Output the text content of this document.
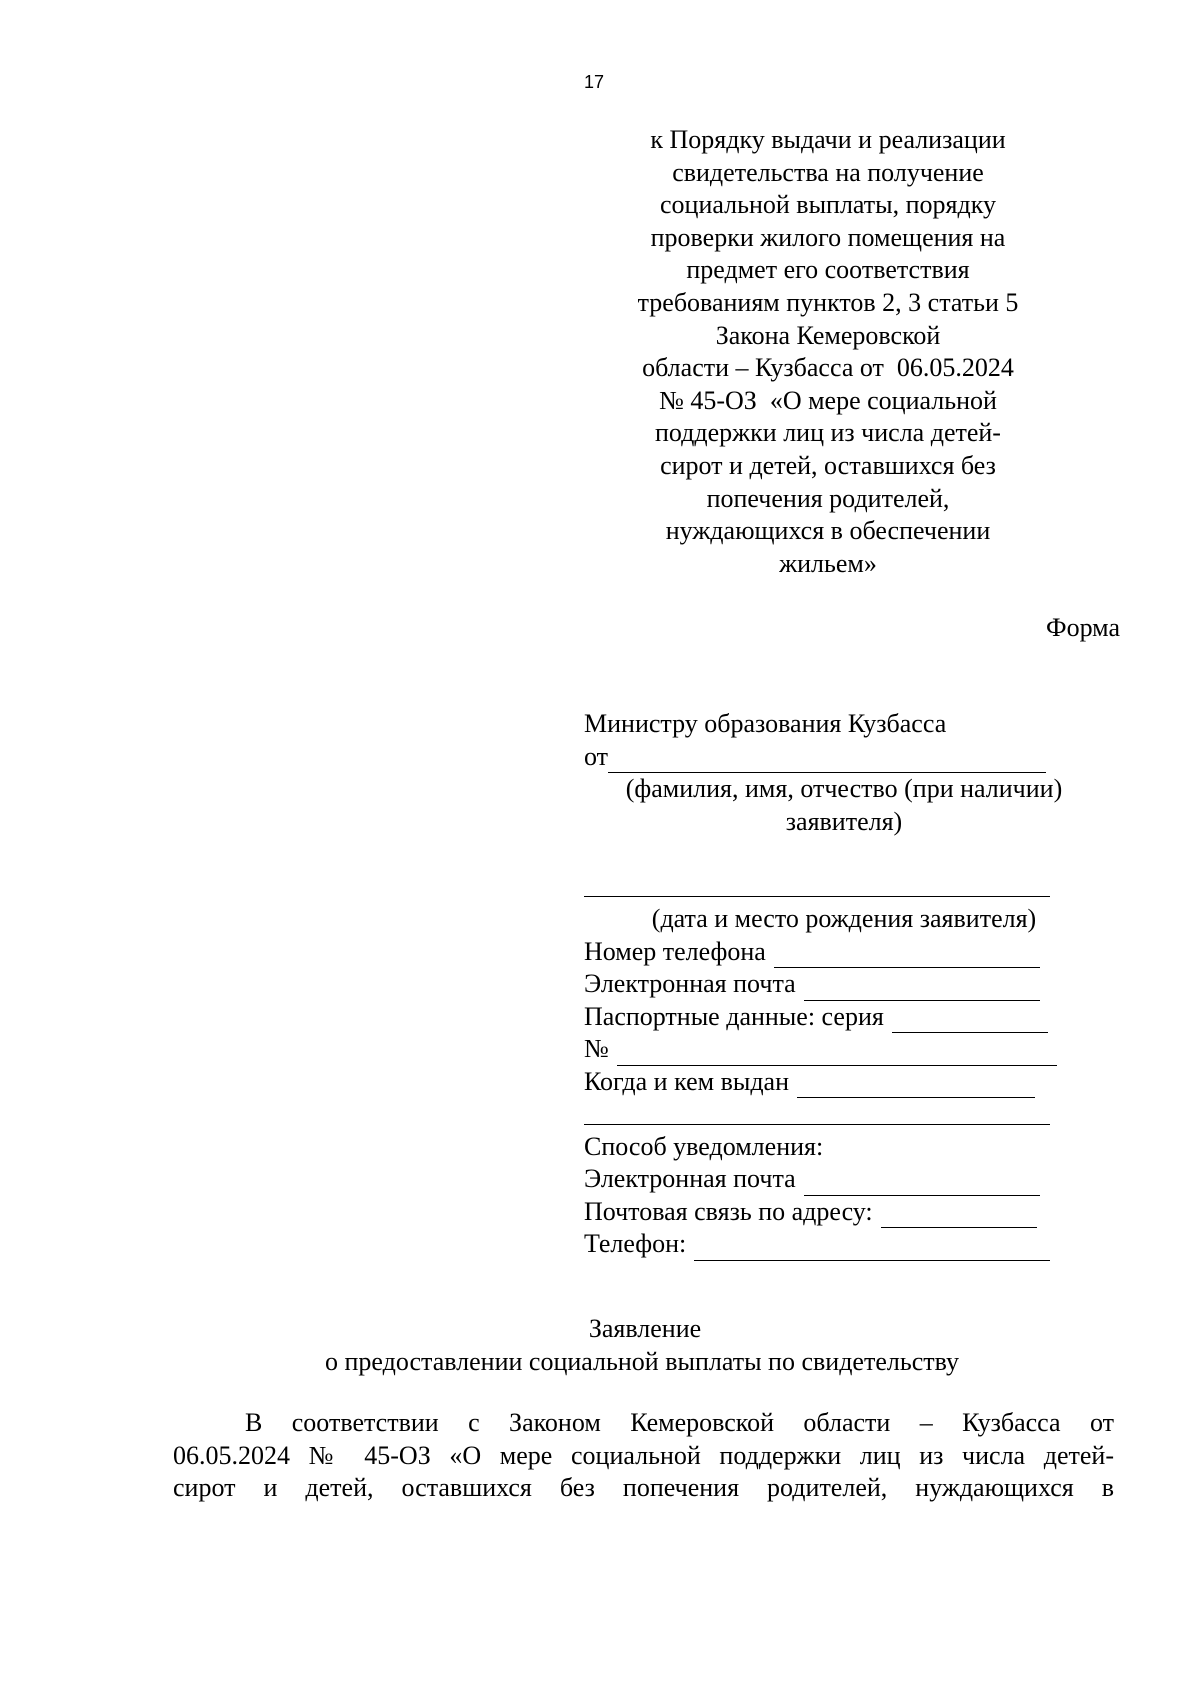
17
к Порядку выдачи и реализации
свидетельства на получение
социальной выплаты, порядку
проверки жилого помещения на
предмет его соответствия
требованиям пунктов 2, 3 статьи 5
Закона Кемеровской
области – Кузбасса от  06.05.2024
№ 45-ОЗ  «О мере социальной
поддержки лиц из числа детей-
сирот и детей, оставшихся без
попечения родителей,
нуждающихся в обеспечении
жильем»
Форма
Министру образования Кузбасса
от
(фамилия, имя, отчество (при наличии)
заявителя)
(дата и место рождения заявителя)
Номер телефона
Электронная почта
Паспортные данные: серия
№
Когда и кем выдан
Способ уведомления:
Электронная почта
Почтовая связь по адресу:
Телефон:
Заявление
о предоставлении социальной выплаты по свидетельству
В соответствии с Законом Кемеровской области – Кузбасса от
06.05.2024 № 45-ОЗ «О мере социальной поддержки лиц из числа детей-
сирот и детей, оставшихся без попечения родителей, нуждающихся в
